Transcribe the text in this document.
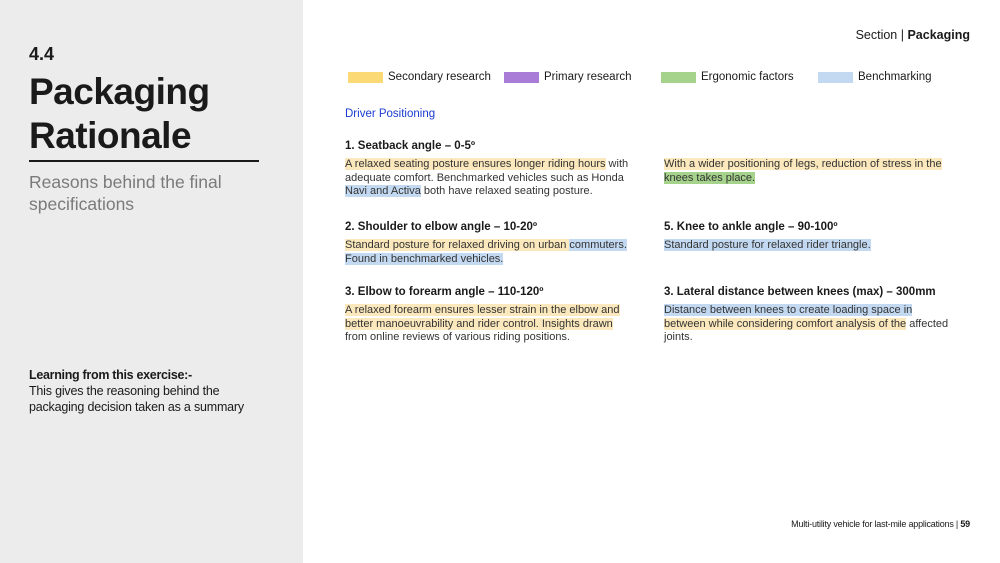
4.4
Packaging
Rationale
Reasons behind the final specifications
Learning from this exercise:-
This gives the reasoning behind the packaging decision taken as a summary
Section | Packaging
Secondary research	Primary research	Ergonomic factors	Benchmarking
Driver Positioning
1. Seatback angle – 0-5º

A relaxed seating posture ensures longer riding hours with adequate comfort. Benchmarked vehicles such as Honda Navi and Activa both have relaxed seating posture.

With a wider positioning of legs, reduction of stress in the knees takes place.

2. Shoulder to elbow angle – 10-20º

Standard posture for relaxed driving on urban commuters. Found in benchmarked vehicles.

5. Knee to ankle angle – 90-100º

Standard posture for relaxed rider triangle.

3. Elbow to forearm angle – 110-120º

A relaxed forearm ensures lesser strain in the elbow and better manoeuvrability and rider control. Insights drawn from online reviews of various riding positions.

3. Lateral distance between knees (max) – 300mm

Distance between knees to create loading space in between while considering comfort analysis of the affected joints.

Multi-utility vehicle for last-mile applications | 59
